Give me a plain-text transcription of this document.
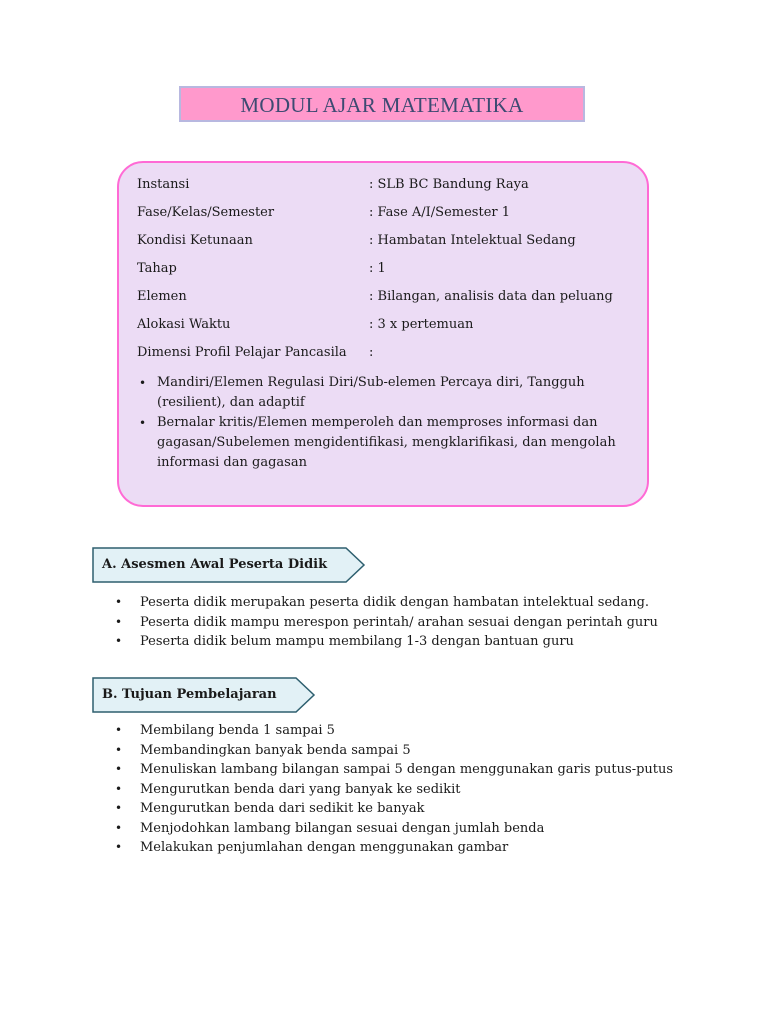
MODUL AJAR MATEMATIKA
Instansi	: SLB BC Bandung Raya
Fase/Kelas/Semester	: Fase A/I/Semester 1
Kondisi Ketunaan	: Hambatan Intelektual Sedang
Tahap	: 1
Elemen	: Bilangan, analisis data dan peluang
Alokasi Waktu	: 3 x pertemuan
Dimensi Profil Pelajar Pancasila :
• Mandiri/Elemen Regulasi Diri/Sub-elemen Percaya diri, Tangguh (resilient), dan adaptif
• Bernalar kritis/Elemen memperoleh dan memproses informasi dan gagasan/Subelemen mengidentifikasi, mengklarifikasi, dan mengolah informasi dan gagasan
A. Asesmen Awal Peserta Didik
• Peserta didik merupakan peserta didik dengan hambatan intelektual sedang.
• Peserta didik mampu merespon perintah/ arahan sesuai dengan perintah guru
• Peserta didik belum mampu membilang 1-3 dengan bantuan guru
B. Tujuan Pembelajaran
• Membilang benda 1 sampai 5
• Membandingkan banyak benda sampai 5
• Menuliskan lambang bilangan sampai 5 dengan menggunakan garis putus-putus
• Mengurutkan benda dari yang banyak ke sedikit
• Mengurutkan benda dari sedikit ke banyak
• Menjodohkan lambang bilangan sesuai dengan jumlah benda
• Melakukan penjumlahan dengan menggunakan gambar
